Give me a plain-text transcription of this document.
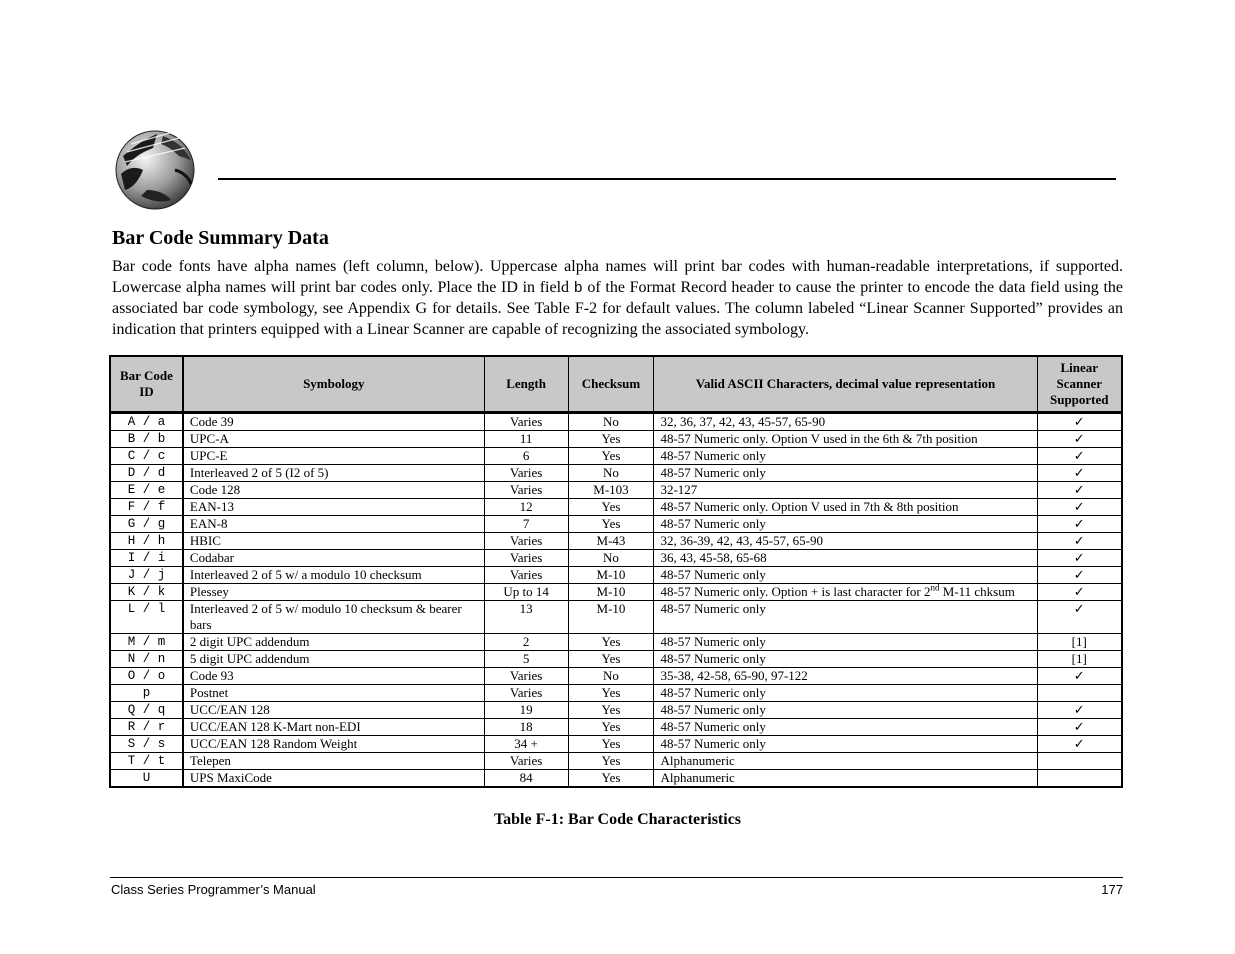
Bar Code Summary Data

Bar code fonts have alpha names (left column, below). Uppercase alpha names will print bar codes with human-readable interpretations, if supported. Lowercase alpha names will print bar codes only. Place the ID in field b of the Format Record header to cause the printer to encode the data field using the associated bar code symbology, see Appendix G for details. See Table F-2 for default values. The column labeled “Linear Scanner Supported” provides an indication that printers equipped with a Linear Scanner are capable of recognizing the associated symbology.

Bar Code ID	Symbology	Length	Checksum	Valid ASCII Characters, decimal value representation	Linear Scanner Supported
A / a	Code 39	Varies	No	32, 36, 37, 42, 43, 45-57, 65-90	✓
B / b	UPC-A	11	Yes	48-57 Numeric only. Option V used in the 6th & 7th position	✓
C / c	UPC-E	6	Yes	48-57 Numeric only	✓
D / d	Interleaved 2 of 5 (I2 of 5)	Varies	No	48-57 Numeric only	✓
E / e	Code 128	Varies	M-103	32-127	✓
F / f	EAN-13	12	Yes	48-57 Numeric only. Option V used in 7th & 8th position	✓
G / g	EAN-8	7	Yes	48-57 Numeric only	✓
H / h	HBIC	Varies	M-43	32, 36-39, 42, 43, 45-57, 65-90	✓
I / i	Codabar	Varies	No	36, 43, 45-58, 65-68	✓
J / j	Interleaved 2 of 5 w/ a modulo 10 checksum	Varies	M-10	48-57 Numeric only	✓
K / k	Plessey	Up to 14	M-10	48-57 Numeric only. Option + is last character for 2nd M-11 chksum	✓
L / l	Interleaved 2 of 5 w/ modulo 10 checksum & bearer bars	13	M-10	48-57 Numeric only	✓
M / m	2 digit UPC addendum	2	Yes	48-57 Numeric only	[1]
N / n	5 digit UPC addendum	5	Yes	48-57 Numeric only	[1]
O / o	Code 93	Varies	No	35-38, 42-58, 65-90, 97-122	✓
p	Postnet	Varies	Yes	48-57 Numeric only	
Q / q	UCC/EAN 128	19	Yes	48-57 Numeric only	✓
R / r	UCC/EAN 128 K-Mart non-EDI	18	Yes	48-57 Numeric only	✓
S / s	UCC/EAN 128 Random Weight	34 +	Yes	48-57 Numeric only	✓
T / t	Telepen	Varies	Yes	Alphanumeric	
U	UPS MaxiCode	84	Yes	Alphanumeric	
Table F-1: Bar Code Characteristics
Class Series Programmer’s Manual	177
